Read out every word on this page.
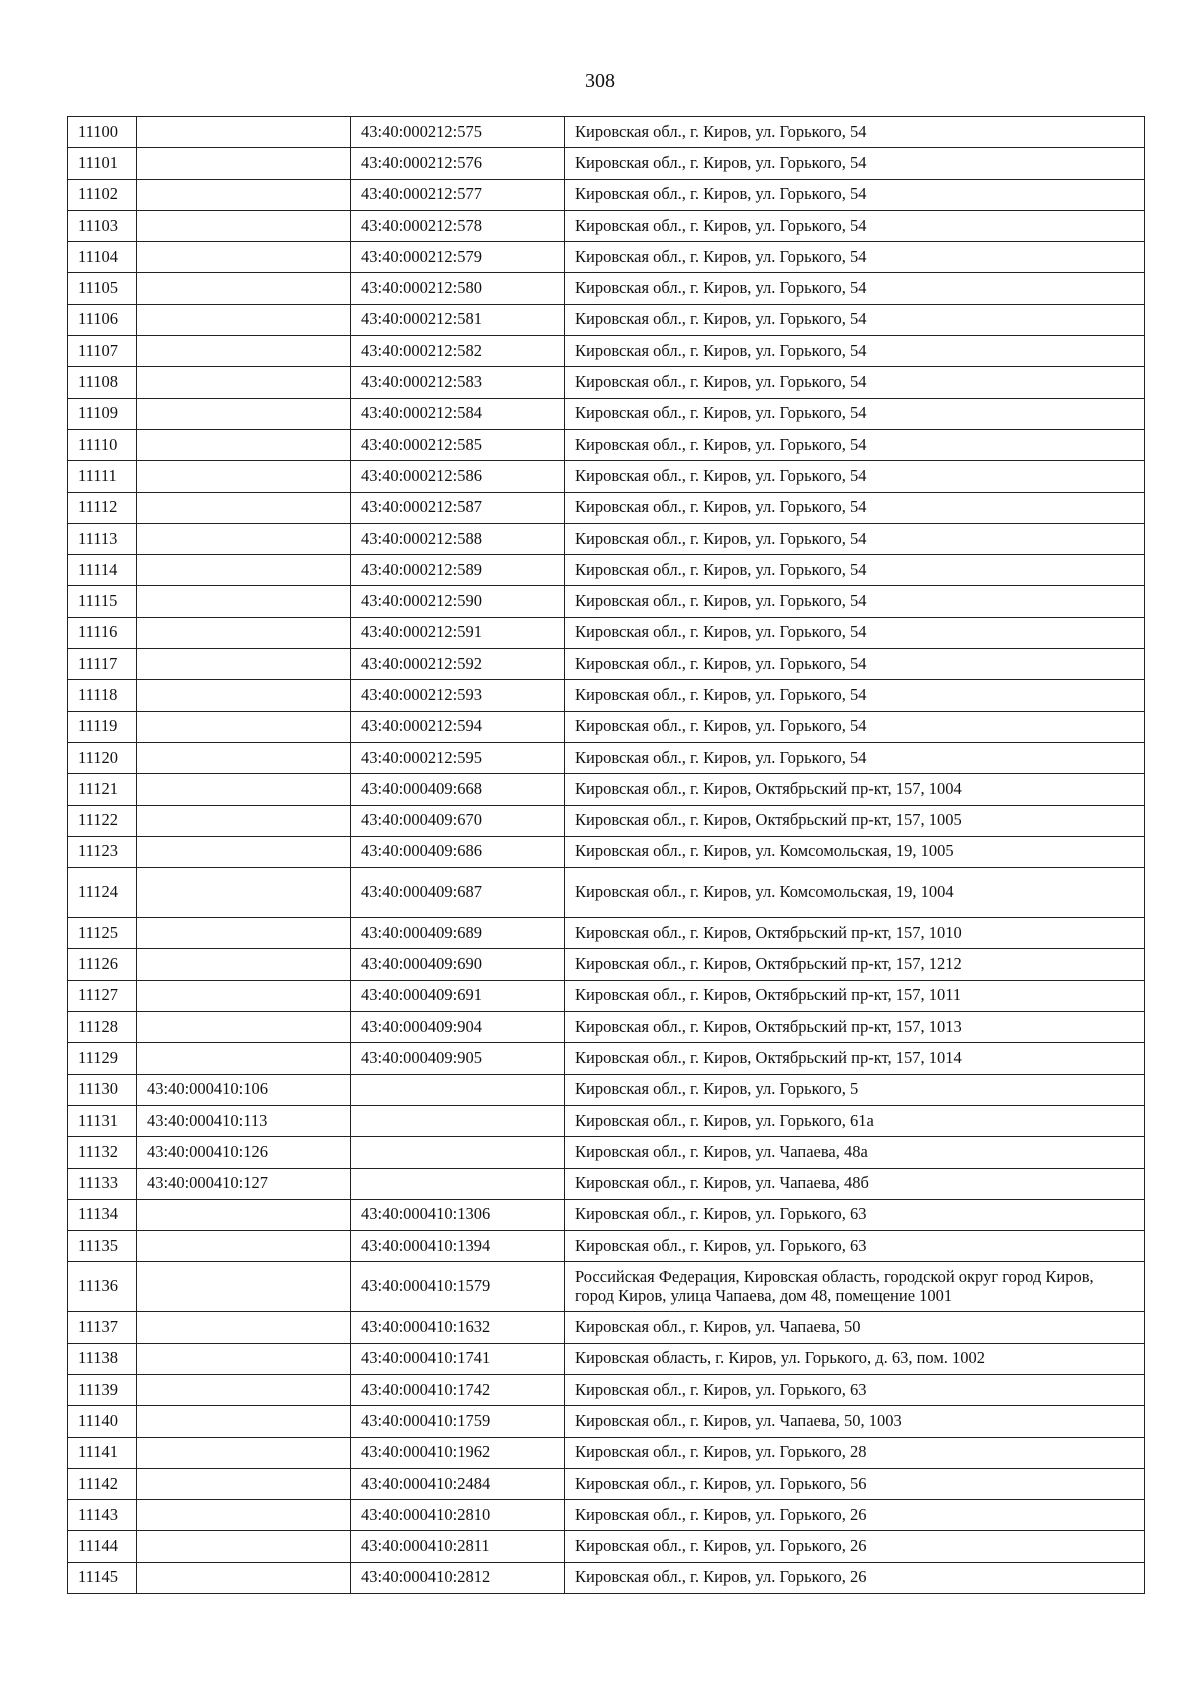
308
11100		43:40:000212:575	Кировская обл., г. Киров, ул. Горького, 54
11101		43:40:000212:576	Кировская обл., г. Киров, ул. Горького, 54
11102		43:40:000212:577	Кировская обл., г. Киров, ул. Горького, 54
11103		43:40:000212:578	Кировская обл., г. Киров, ул. Горького, 54
11104		43:40:000212:579	Кировская обл., г. Киров, ул. Горького, 54
11105		43:40:000212:580	Кировская обл., г. Киров, ул. Горького, 54
11106		43:40:000212:581	Кировская обл., г. Киров, ул. Горького, 54
11107		43:40:000212:582	Кировская обл., г. Киров, ул. Горького, 54
11108		43:40:000212:583	Кировская обл., г. Киров, ул. Горького, 54
11109		43:40:000212:584	Кировская обл., г. Киров, ул. Горького, 54
11110		43:40:000212:585	Кировская обл., г. Киров, ул. Горького, 54
11111		43:40:000212:586	Кировская обл., г. Киров, ул. Горького, 54
11112		43:40:000212:587	Кировская обл., г. Киров, ул. Горького, 54
11113		43:40:000212:588	Кировская обл., г. Киров, ул. Горького, 54
11114		43:40:000212:589	Кировская обл., г. Киров, ул. Горького, 54
11115		43:40:000212:590	Кировская обл., г. Киров, ул. Горького, 54
11116		43:40:000212:591	Кировская обл., г. Киров, ул. Горького, 54
11117		43:40:000212:592	Кировская обл., г. Киров, ул. Горького, 54
11118		43:40:000212:593	Кировская обл., г. Киров, ул. Горького, 54
11119		43:40:000212:594	Кировская обл., г. Киров, ул. Горького, 54
11120		43:40:000212:595	Кировская обл., г. Киров, ул. Горького, 54
11121		43:40:000409:668	Кировская обл., г. Киров, Октябрьский пр-кт, 157, 1004
11122		43:40:000409:670	Кировская обл., г. Киров, Октябрьский пр-кт, 157, 1005
11123		43:40:000409:686	Кировская обл., г. Киров, ул. Комсомольская, 19, 1005
11124		43:40:000409:687	Кировская обл., г. Киров, ул. Комсомольская, 19, 1004
11125		43:40:000409:689	Кировская обл., г. Киров, Октябрьский пр-кт, 157, 1010
11126		43:40:000409:690	Кировская обл., г. Киров, Октябрьский пр-кт, 157, 1212
11127		43:40:000409:691	Кировская обл., г. Киров, Октябрьский пр-кт, 157, 1011
11128		43:40:000409:904	Кировская обл., г. Киров, Октябрьский пр-кт, 157, 1013
11129		43:40:000409:905	Кировская обл., г. Киров, Октябрьский пр-кт, 157, 1014
11130	43:40:000410:106		Кировская обл., г. Киров, ул. Горького, 5
11131	43:40:000410:113		Кировская обл., г. Киров, ул. Горького, 61а
11132	43:40:000410:126		Кировская обл., г. Киров, ул. Чапаева, 48а
11133	43:40:000410:127		Кировская обл., г. Киров, ул. Чапаева, 48б
11134		43:40:000410:1306	Кировская обл., г. Киров, ул. Горького, 63
11135		43:40:000410:1394	Кировская обл., г. Киров, ул. Горького, 63
11136		43:40:000410:1579	Российская Федерация, Кировская область, городской округ город Киров, город Киров, улица Чапаева, дом 48, помещение 1001
11137		43:40:000410:1632	Кировская обл., г. Киров, ул. Чапаева, 50
11138		43:40:000410:1741	Кировская область, г. Киров, ул. Горького, д. 63, пом. 1002
11139		43:40:000410:1742	Кировская обл., г. Киров, ул. Горького, 63
11140		43:40:000410:1759	Кировская обл., г. Киров, ул. Чапаева, 50, 1003
11141		43:40:000410:1962	Кировская обл., г. Киров, ул. Горького, 28
11142		43:40:000410:2484	Кировская обл., г. Киров, ул. Горького, 56
11143		43:40:000410:2810	Кировская обл., г. Киров, ул. Горького, 26
11144		43:40:000410:2811	Кировская обл., г. Киров, ул. Горького, 26
11145		43:40:000410:2812	Кировская обл., г. Киров, ул. Горького, 26
